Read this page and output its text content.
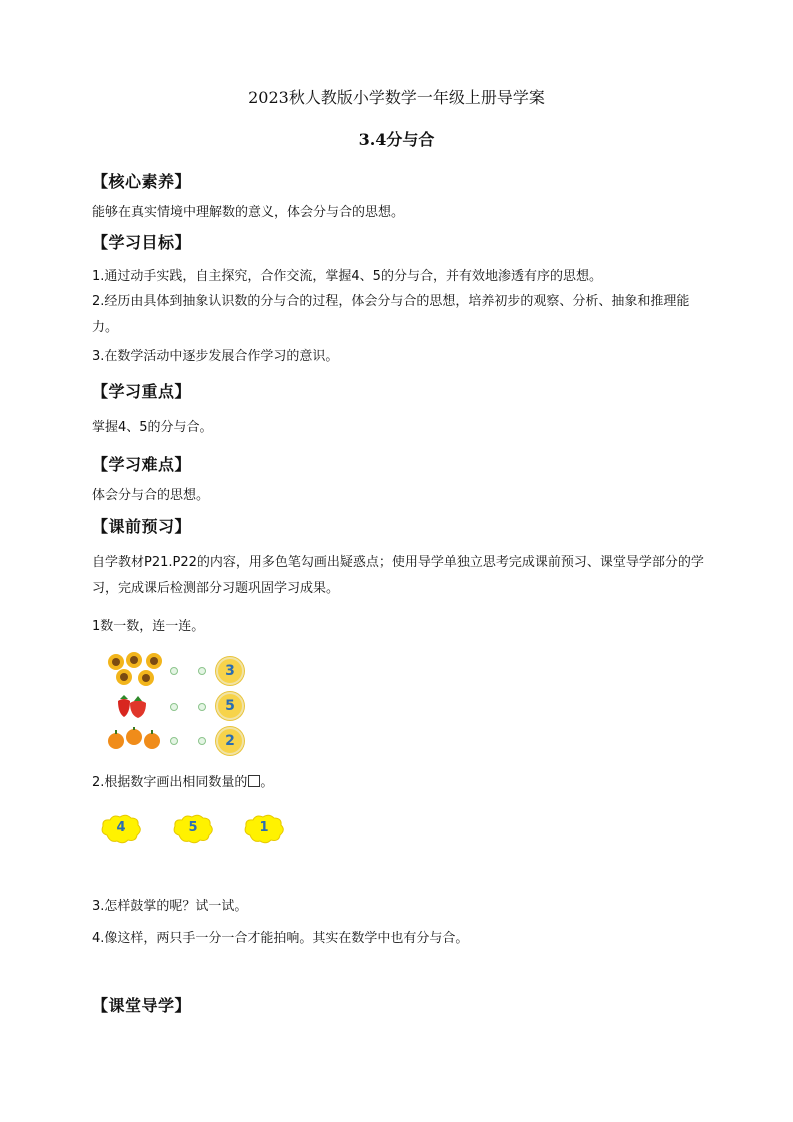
2023秋人教版小学数学一年级上册导学案
3.4分与合
【核心素养】
能够在真实情境中理解数的意义，体会分与合的思想。
【学习目标】
1.通过动手实践，自主探究，合作交流，掌握4、5的分与合，并有效地渗透有序的思想。
2.经历由具体到抽象认识数的分与合的过程，体会分与合的思想，培养初步的观察、分析、抽象和推理能力。
3.在数学活动中逐步发展合作学习的意识。
【学习重点】
掌握4、5的分与合。
【学习难点】
体会分与合的思想。
【课前预习】
自学教材P21.P22的内容，用多色笔勾画出疑惑点；使用导学单独立思考完成课前预习、课堂导学部分的学习，完成课后检测部分习题巩固学习成果。
1数一数，连一连。
3
5
2
2.根据数字画出相同数量的 。
4	5	1
3.怎样鼓掌的呢？试一试。
4.像这样，两只手一分一合才能拍响。其实在数学中也有分与合。
【课堂导学】
